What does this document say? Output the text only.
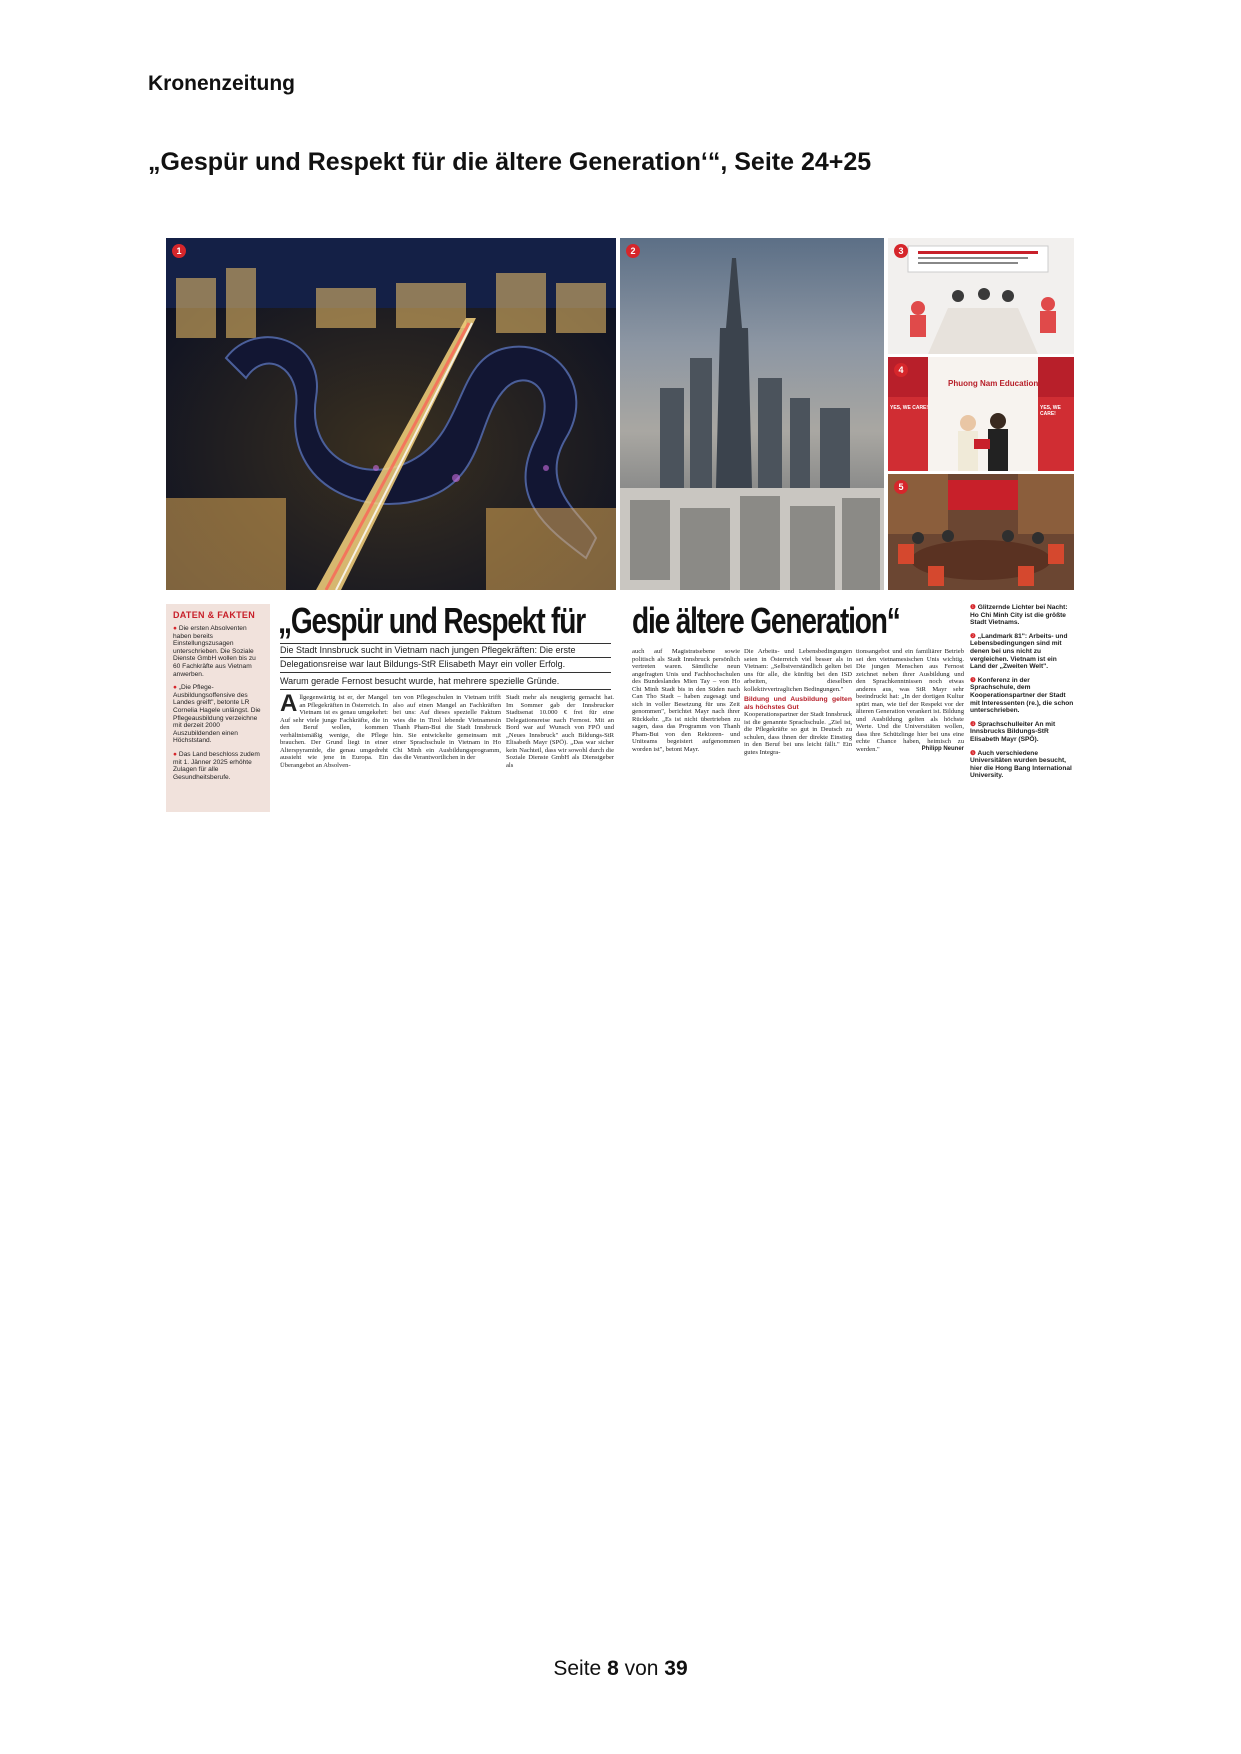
Kronenzeitung
„Gespür und Respekt für die ältere Generation‘“, Seite 24+25
1	2	3
4
Phuong Nam Education
YES, WE CARE!	YES, WE CARE!
5
DATEN & FAKTEN
● Die ersten Absolventen haben bereits Einstellungszusagen unterschrieben. Die Soziale Dienste GmbH wollen bis zu 60 Fachkräfte aus Vietnam anwerben.
● „Die Pflege-Ausbildungsoffensive des Landes greift", betonte LR Cornelia Hagele unlängst. Die Pflegeausbildung verzeichne mit derzeit 2000 Auszubildenden einen Höchststand.
● Das Land beschloss zudem mit 1. Jänner 2025 erhöhte Zulagen für alle Gesundheitsberufe.
„Gespür und Respekt für die ältere Generation“
Die Stadt Innsbruck sucht in Vietnam nach jungen Pflegekräften: Die erste
Delegationsreise war laut Bildungs-StR Elisabeth Mayr ein voller Erfolg.
Warum gerade Fernost besucht wurde, hat mehrere spezielle Gründe.
Allgegenwärtig ist er, der Mangel an Pflegekräften in Österreich. In Vietnam ist es genau umgekehrt: Auf sehr viele junge Fachkräfte, die in den Beruf wollen, kommen verhältnismäßig wenige, die Pflege brauchen. Der Grund liegt in einer Alterspyramide, die genau umgedreht aussieht wie jene in Europa. Ein Überangebot an Absolven-
ten von Pflegeschulen in Vietnam trifft also auf einen Mangel an Fachkräften bei uns: Auf dieses spezielle Faktum wies die in Tirol lebende Vietnamesin Thanh Pham-Bui die Stadt Innsbruck hin. Sie entwickelte gemeinsam mit einer Sprachschule in Vietnam in Ho Chi Minh ein Ausbildungsprogramm, das die Verantwortlichen in der
Stadt mehr als neugierig gemacht hat. Im Sommer gab der Innsbrucker Stadtsenat 10.000 € frei für eine Delegationsreise nach Fernost. Mit an Bord war auf Wunsch von FPÖ und „Neues Innsbruck" auch Bildungs-StR Elisabeth Mayr (SPÖ). „Das war sicher kein Nachteil, dass wir sowohl durch die Soziale Dienste GmbH als Dienstgeber als
auch auf Magistratsebene sowie politisch als Stadt Innsbruck persönlich vertreten waren. Sämtliche neun angefragten Unis und Fachhochschulen des Bundeslandes Mien Tay – von Ho Chi Minh Stadt bis in den Süden nach Can Tho Stadt – haben zugesagt und sich in voller Besetzung für uns Zeit genommen", berichtet Mayr nach ihrer Rückkehr. „Es ist nicht übertrieben zu sagen, dass das Programm von Thanh Pham-Bui von den Rektoren- und Uniteams begeistert aufgenommen worden ist", betont Mayr.
Die Arbeits- und Lebensbedingungen seien in Österreich viel besser als in Vietnam: „Selbstverständlich gelten bei uns für alle, die künftig bei den ISD arbeiten, dieselben kollektivvertraglichen Bedingungen."
Bildung und Ausbildung gelten als höchstes Gut
Kooperationspartner der Stadt Innsbruck ist die genannte Sprachschule. „Ziel ist, die Pflegekräfte so gut in Deutsch zu schulen, dass ihnen der direkte Einstieg in den Beruf bei uns leicht fällt." Ein gutes Integra-
tionsangebot und ein familiärer Betrieb sei den vietnamesischen Unis wichtig. Die jungen Menschen aus Fernost zeichnet neben ihrer Ausbildung und den Sprachkenntnissen noch etwas anderes aus, was StR Mayr sehr beeindruckt hat: „In der dortigen Kultur spürt man, wie tief der Respekt vor der älteren Generation verankert ist. Bildung und Ausbildung gelten als höchste Werte. Und die Universitäten wollen, dass ihre Schützlinge hier bei uns eine echte Chance haben, heimisch zu werden."	Philipp Neuner
❶ Glitzernde Lichter bei Nacht: Ho Chi Minh City ist die größte Stadt Vietnams.
❷ „Landmark 81": Arbeits- und Lebensbedingungen sind mit denen bei uns nicht zu vergleichen. Vietnam ist ein Land der „Zweiten Welt".
❸ Konferenz in der Sprachschule, dem Kooperationspartner der Stadt mit Interessenten (re.), die schon unterschrieben.
❹ Sprachschulleiter An mit Innsbrucks Bildungs-StR Elisabeth Mayr (SPÖ).
❺ Auch verschiedene Universitäten wurden besucht, hier die Hong Bang International University.
Seite 8 von 39
